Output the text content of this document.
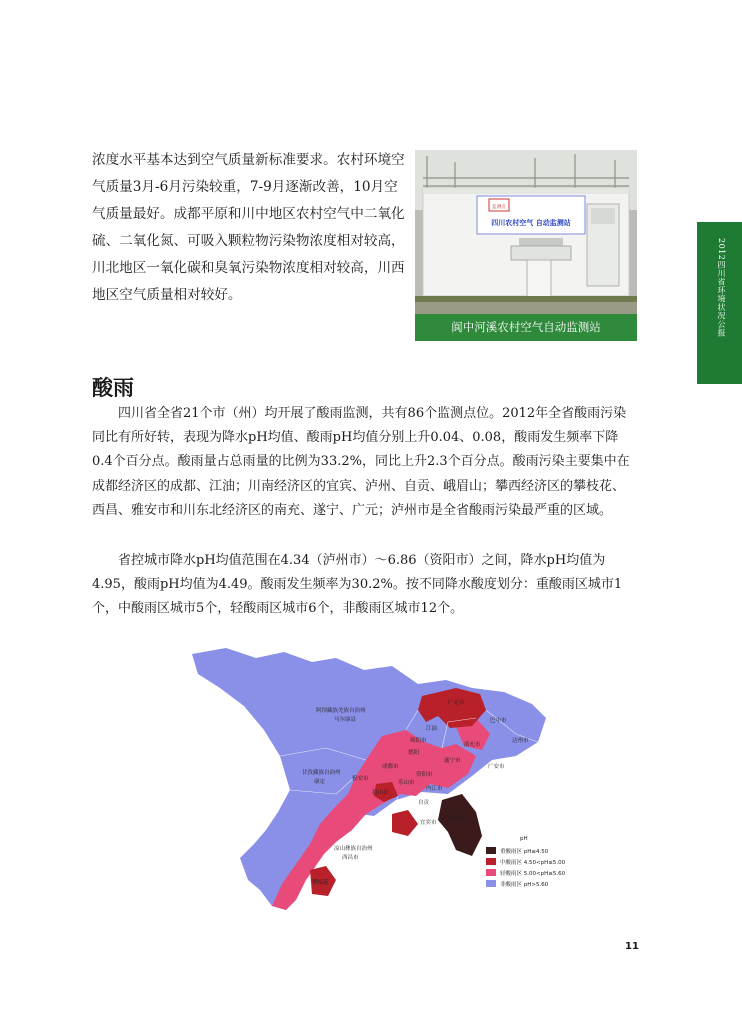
浓度水平基本达到空气质量新标准要求。农村环境空气质量3月-6月污染较重，7-9月逐渐改善，10月空气质量最好。成都平原和川中地区农村空气中二氧化硫、二氧化氮、可吸入颗粒物污染物浓度相对较高，川北地区一氧化碳和臭氧污染物浓度相对较高，川西地区空气质量相对较好。

监测点
四川农村空气 自动监测站
阆中河溪农村空气自动监测站	2012四川省环境状况公报
酸雨

四川省全省21个市（州）均开展了酸雨监测，共有86个监测点位。2012年全省酸雨污染同比有所好转，表现为降水pH均值、酸雨pH均值分别上升0.04、0.08，酸雨发生频率下降0.4个百分点。酸雨量占总雨量的比例为33.2%，同比上升2.3个百分点。酸雨污染主要集中在成都经济区的成都、江油；川南经济区的宜宾、泸州、自贡、峨眉山；攀西经济区的攀枝花、西昌、雅安市和川东北经济区的南充、遂宁、广元；泸州市是全省酸雨污染最严重的区域。

省控城市降水pH均值范围在4.34（泸州市）～6.86（资阳市）之间，降水pH均值为4.95，酸雨pH均值为4.49。酸雨发生频率为30.2%。按不同降水酸度划分：重酸雨区城市1个，中酸雨区城市5个，轻酸雨区城市6个，非酸雨区城市12个。

阿坝藏族羌族自治州
马尔康县
甘孜藏族自治州
康定
凉山彝族自治州
西昌市
攀枝花
广元市
巴中市
达州市
南充市
广安市
遂宁市
成都市
雅安市
资阳市
内江市
乐山市
眉山市
自贡
宜宾市
泸州市
绵阳市
德阳
江油
pH
重酸雨区 pH≤4.50
中酸雨区 4.50<pH≤5.00
轻酸雨区 5.00<pH≤5.60
非酸雨区 pH>5.60
11
